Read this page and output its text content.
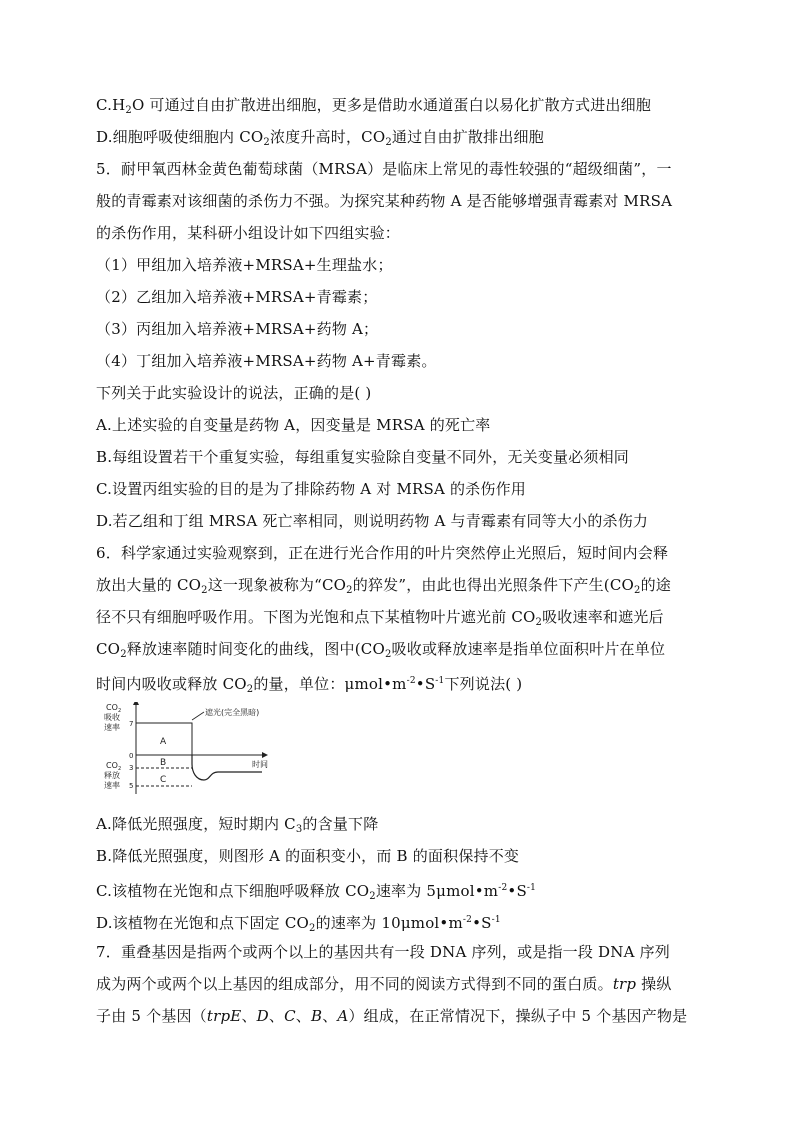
$C.H_2O$ 可通过自由扩散进出细胞，更多是借助水通道蛋白以易化扩散方式进出细胞
D.细胞呼吸使细胞内 $CO_2$浓度升高时，$CO_2$通过自由扩散排出细胞
5．耐甲氧西林金黄色葡萄球菌（MRSA）是临床上常见的毒性较强的“超级细菌”，一
般的青霉素对该细菌的杀伤力不强。为探究某种药物 A 是否能够增强青霉素对 MRSA
的杀伤作用，某科研小组设计如下四组实验：
（1）甲组加入培养液+MRSA+生理盐水；
（2）乙组加入培养液+MRSA+青霉素；
（3）丙组加入培养液+MRSA+药物 A；
（4）丁组加入培养液+MRSA+药物 A+青霉素。
下列关于此实验设计的说法，正确的是( )
A.上述实验的自变量是药物 A，因变量是 MRSA 的死亡率
B.每组设置若干个重复实验，每组重复实验除自变量不同外，无关变量必须相同
C.设置丙组实验的目的是为了排除药物 A 对 MRSA 的杀伤作用
D.若乙组和丁组 MRSA 死亡率相同，则说明药物 A 与青霉素有同等大小的杀伤力
6．科学家通过实验观察到，正在进行光合作用的叶片突然停止光照后，短时间内会释
放出大量的 $CO_2$这一现象被称为“$CO_2$的猝发”，由此也得出光照条件下产生($CO_2$的途
径不只有细胞呼吸作用。下图为光饱和点下某植物叶片遮光前 $CO_2$吸收速率和遮光后
$CO_2$释放速率随时间变化的曲线，图中($CO_2$吸收或释放速率是指单位面积叶片在单位
时间内吸收或释放 $CO_2$的量，单位：$\mu mol•m^{-2}•S^{-1}$下列说法( )
CO 2
吸收
速率 7
0
CO 2
释放
速率
3
5
A
B
C
时间
遮光(完全黑暗)
A.降低光照强度，短时期内 $C_3$的含量下降
B.降低光照强度，则图形 A 的面积变小，而 B 的面积保持不变
C.该植物在光饱和点下细胞呼吸释放 $CO_2$速率为 $5\mu mol•m^{-2}•S^{-1}$
D.该植物在光饱和点下固定 $CO_2$的速率为 $10\mu mol•m^{-2}•S^{-1}$
7．重叠基因是指两个或两个以上的基因共有一段 DNA 序列，或是指一段 DNA 序列
成为两个或两个以上基因的组成部分，用不同的阅读方式得到不同的蛋白质。trp 操纵
子由 5 个基因（trpE、D、C、B、A）组成，在正常情况下，操纵子中 5 个基因产物是
